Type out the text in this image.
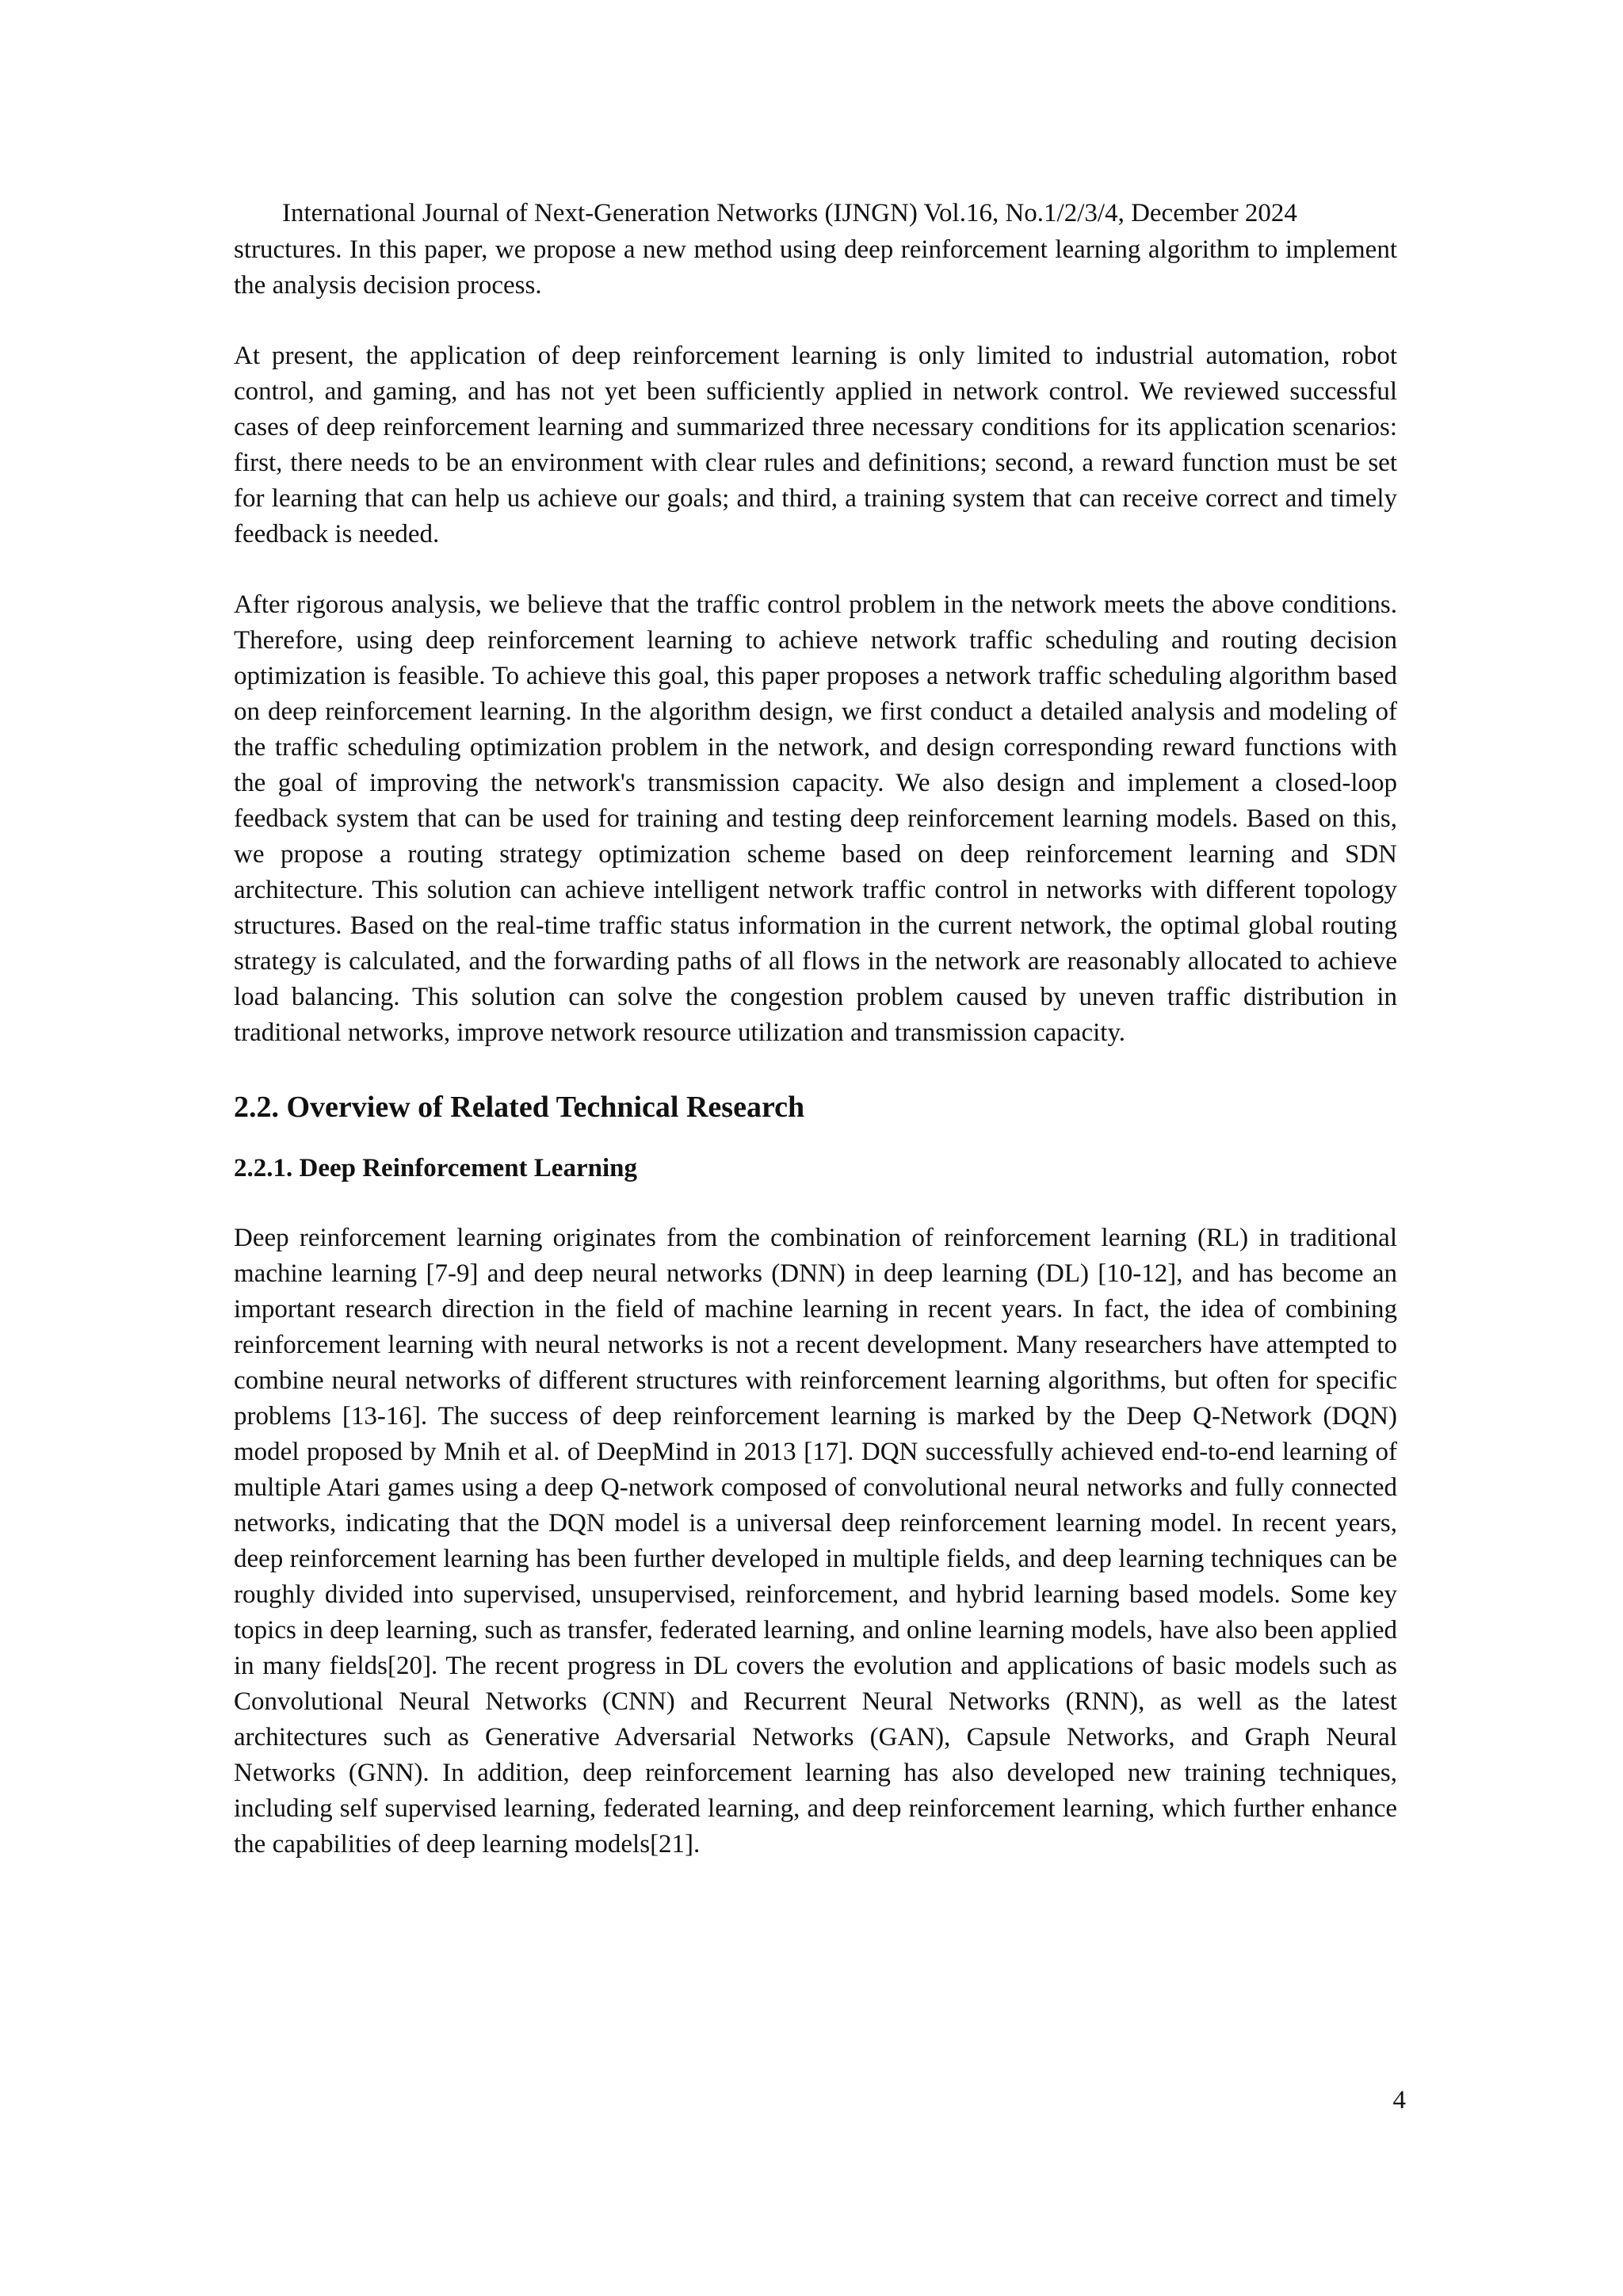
International Journal of Next-Generation Networks (IJNGN) Vol.16, No.1/2/3/4, December 2024

structures. In this paper, we propose a new method using deep reinforcement learning algorithm to implement the analysis decision process.

At present, the application of deep reinforcement learning is only limited to industrial automation, robot control, and gaming, and has not yet been sufficiently applied in network control. We reviewed successful cases of deep reinforcement learning and summarized three necessary conditions for its application scenarios: first, there needs to be an environment with clear rules and definitions; second, a reward function must be set for learning that can help us achieve our goals; and third, a training system that can receive correct and timely feedback is needed.

After rigorous analysis, we believe that the traffic control problem in the network meets the above conditions. Therefore, using deep reinforcement learning to achieve network traffic scheduling and routing decision optimization is feasible. To achieve this goal, this paper proposes a network traffic scheduling algorithm based on deep reinforcement learning. In the algorithm design, we first conduct a detailed analysis and modeling of the traffic scheduling optimization problem in the network, and design corresponding reward functions with the goal of improving the network's transmission capacity. We also design and implement a closed-loop feedback system that can be used for training and testing deep reinforcement learning models. Based on this, we propose a routing strategy optimization scheme based on deep reinforcement learning and SDN architecture. This solution can achieve intelligent network traffic control in networks with different topology structures. Based on the real-time traffic status information in the current network, the optimal global routing strategy is calculated, and the forwarding paths of all flows in the network are reasonably allocated to achieve load balancing. This solution can solve the congestion problem caused by uneven traffic distribution in traditional networks, improve network resource utilization and transmission capacity.

2.2. Overview of Related Technical Research
2.2.1. Deep Reinforcement Learning

Deep reinforcement learning originates from the combination of reinforcement learning (RL) in traditional machine learning [7-9] and deep neural networks (DNN) in deep learning (DL) [10-12], and has become an important research direction in the field of machine learning in recent years. In fact, the idea of combining reinforcement learning with neural networks is not a recent development. Many researchers have attempted to combine neural networks of different structures with reinforcement learning algorithms, but often for specific problems [13-16]. The success of deep reinforcement learning is marked by the Deep Q-Network (DQN) model proposed by Mnih et al. of DeepMind in 2013 [17]. DQN successfully achieved end-to-end learning of multiple Atari games using a deep Q-network composed of convolutional neural networks and fully connected networks, indicating that the DQN model is a universal deep reinforcement learning model. In recent years, deep reinforcement learning has been further developed in multiple fields, and deep learning techniques can be roughly divided into supervised, unsupervised, reinforcement, and hybrid learning based models. Some key topics in deep learning, such as transfer, federated learning, and online learning models, have also been applied in many fields[20]. The recent progress in DL covers the evolution and applications of basic models such as Convolutional Neural Networks (CNN) and Recurrent Neural Networks (RNN), as well as the latest architectures such as Generative Adversarial Networks (GAN), Capsule Networks, and Graph Neural Networks (GNN). In addition, deep reinforcement learning has also developed new training techniques, including self supervised learning, federated learning, and deep reinforcement learning, which further enhance the capabilities of deep learning models[21].

4
